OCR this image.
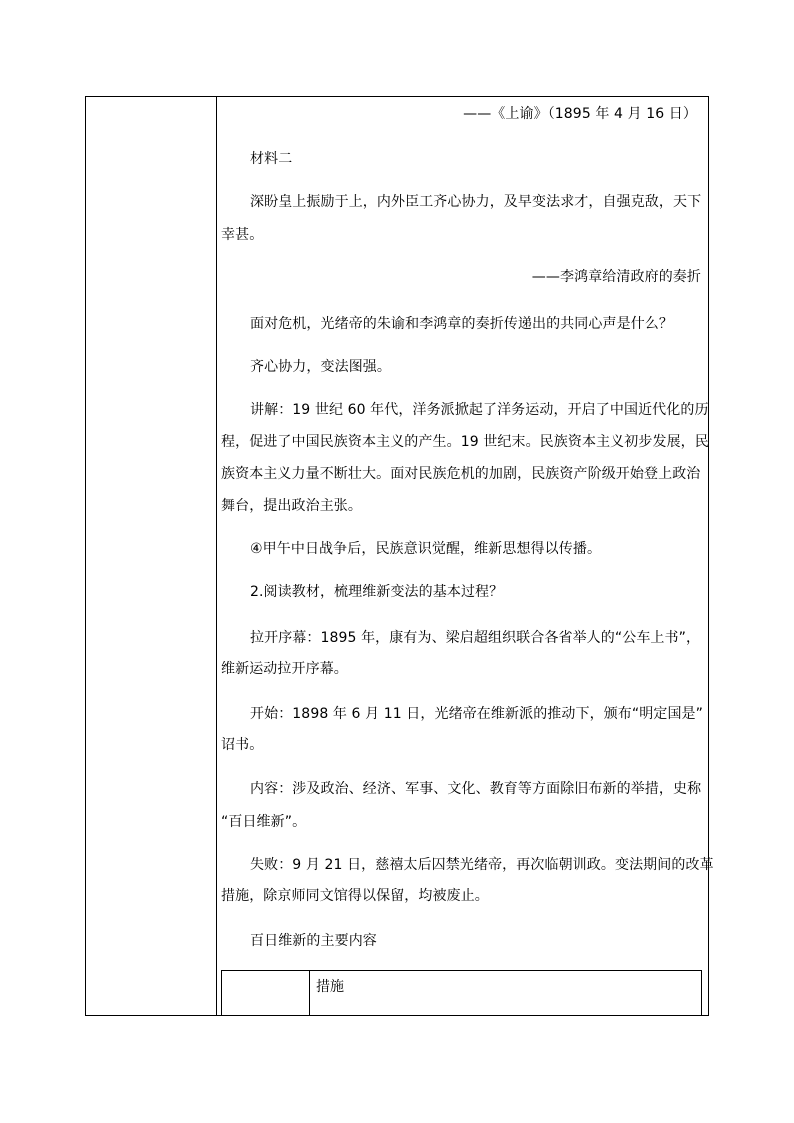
——《上谕》（1895 年 4 月 16 日）

材料二

深盼皇上振励于上，内外臣工齐心协力，及早变法求才，自强克敌，天下

幸甚。

——李鸿章给清政府的奏折

面对危机，光绪帝的朱谕和李鸿章的奏折传递出的共同心声是什么？

齐心协力，变法图强。

讲解：19 世纪 60 年代，洋务派掀起了洋务运动，开启了中国近代化的历

程，促进了中国民族资本主义的产生。19 世纪末。民族资本主义初步发展，民

族资本主义力量不断壮大。面对民族危机的加剧，民族资产阶级开始登上政治

舞台，提出政治主张。

④甲午中日战争后，民族意识觉醒，维新思想得以传播。

2.阅读教材，梳理维新变法的基本过程？

拉开序幕：1895 年，康有为、梁启超组织联合各省举人的“公车上书”，

维新运动拉开序幕。

开始：1898 年 6 月 11 日，光绪帝在维新派的推动下，颁布“明定国是”

诏书。

内容：涉及政治、经济、军事、文化、教育等方面除旧布新的举措，史称

“百日维新”。

失败：9 月 21 日，慈禧太后囚禁光绪帝，再次临朝训政。变法期间的改革

措施，除京师同文馆得以保留，均被废止。

百日维新的主要内容

措施
